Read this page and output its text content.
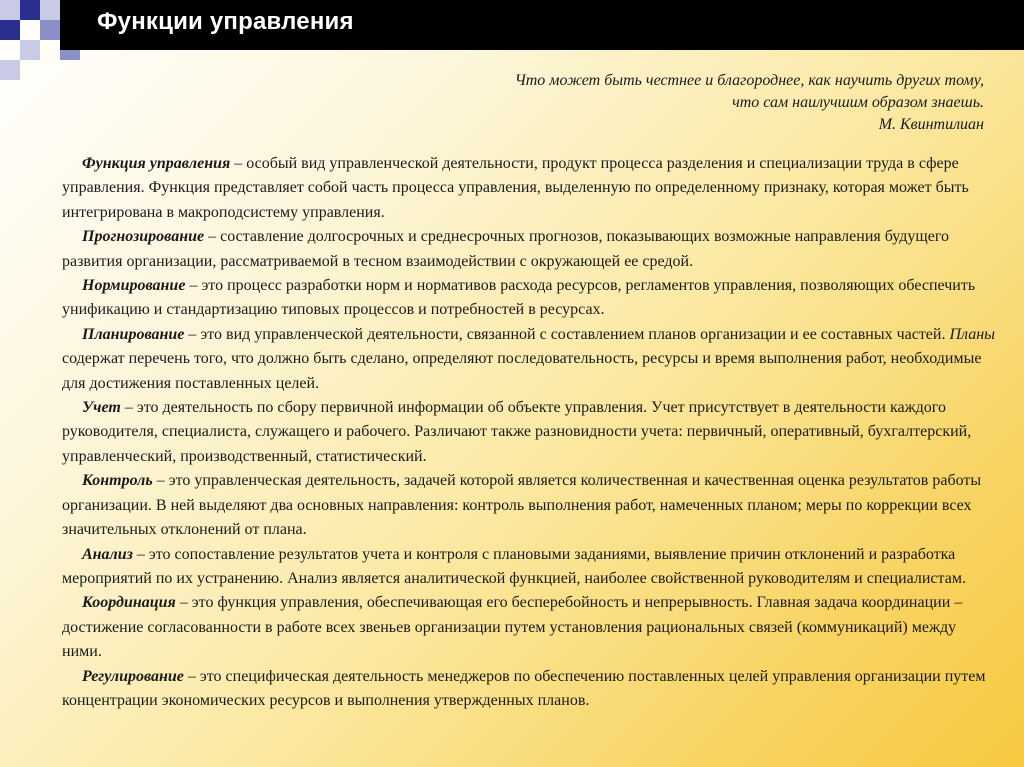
Функции управления
Что может быть честнее и благороднее, как научить других тому,
что сам наилучшим образом знаешь.
М. Квинтилиан

Функция управления – особый вид управленческой деятельности, продукт процесса разделения и специализации труда в сфере управления. Функция представляет собой часть процесса управления, выделенную по определенному признаку, которая может быть интегрирована в макроподсистему управления.

Прогнозирование – составление долгосрочных и среднесрочных прогнозов, показывающих возможные направления будущего развития организации, рассматриваемой в тесном взаимодействии с окружающей ее средой.

Нормирование – это процесс разработки норм и нормативов расхода ресурсов, регламентов управления, позволяющих обеспечить унификацию и стандартизацию типовых процессов и потребностей в ресурсах.

Планирование – это вид управленческой деятельности, связанной с составлением планов организации и ее составных частей. Планы содержат перечень того, что должно быть сделано, определяют последовательность, ресурсы и время выполнения работ, необходимые для достижения поставленных целей.

Учет – это деятельность по сбору первичной информации об объекте управления. Учет присутствует в деятельности каждого руководителя, специалиста, служащего и рабочего. Различают также разновидности учета: первичный, оперативный, бухгалтерский, управленческий, производственный, статистический.

Контроль – это управленческая деятельность, задачей которой является количественная и качественная оценка результатов работы организации. В ней выделяют два основных направления: контроль выполнения работ, намеченных планом; меры по коррекции всех значительных отклонений от плана.

Анализ – это сопоставление результатов учета и контроля с плановыми заданиями, выявление причин отклонений и разработка мероприятий по их устранению. Анализ является аналитической функцией, наиболее свойственной руководителям и специалистам.

Координация – это функция управления, обеспечивающая его бесперебойность и непрерывность. Главная задача координации – достижение согласованности в работе всех звеньев организации путем установления рациональных связей (коммуникаций) между ними.

Регулирование – это специфическая деятельность менеджеров по обеспечению поставленных целей управления организации путем концентрации экономических ресурсов и выполнения утвержденных планов.
